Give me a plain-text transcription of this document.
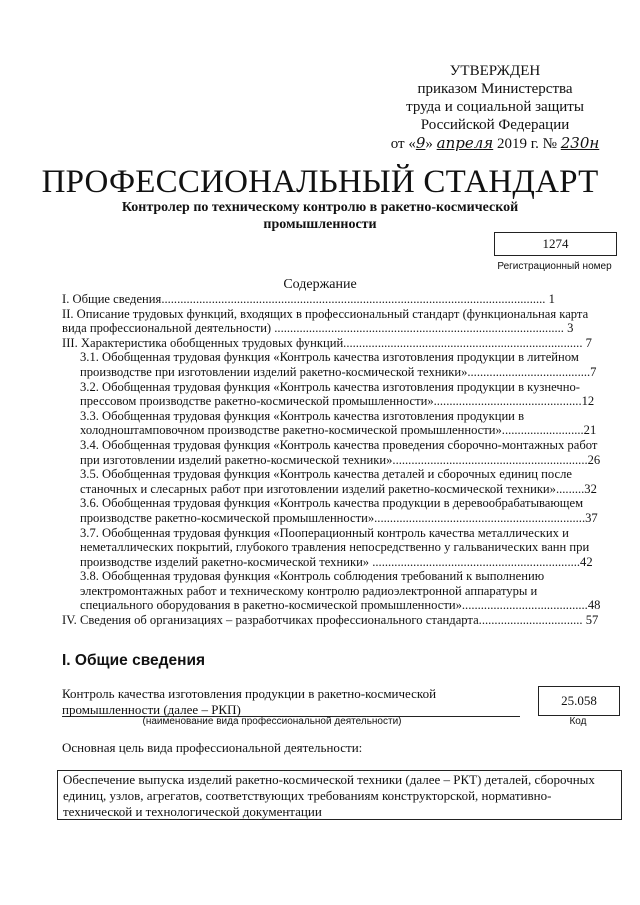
УТВЕРЖДЕН
приказом Министерства
труда и социальной защиты
Российской Федерации
от «9» апреля 2019 г. № 230н
ПРОФЕССИОНАЛЬНЫЙ СТАНДАРТ
Контролер по техническому контролю в ракетно-космической промышленности
1274
Регистрационный номер
Содержание

I. Общие сведения.......................................................................................................................... 1

II. Описание трудовых функций, входящих в профессиональный стандарт (функциональная карта вида профессиональной деятельности) ............................................................................................ 3

III. Характеристика обобщенных трудовых функций............................................................................ 7

3.1. Обобщенная трудовая функция «Контроль качества изготовления продукции в литейном производстве при изготовлении изделий ракетно-космической техники».......................................7

3.2. Обобщенная трудовая функция «Контроль качества изготовления продукции в кузнечно-прессовом производстве ракетно-космической промышленности»...............................................12

3.3. Обобщенная трудовая функция «Контроль качества изготовления продукции в холодноштамповочном производстве ракетно-космической промышленности»..........................21

3.4. Обобщенная трудовая функция «Контроль качества проведения сборочно-монтажных работ при изготовлении изделий ракетно-космической техники»..............................................................26

3.5. Обобщенная трудовая функция «Контроль качества деталей и сборочных единиц после станочных и слесарных работ при изготовлении изделий ракетно-космической техники».........32

3.6. Обобщенная трудовая функция «Контроль качества продукции в деревообрабатывающем производстве ракетно-космической промышленности»...................................................................37

3.7. Обобщенная трудовая функция «Пооперационный контроль качества металлических и неметаллических покрытий, глубокого травления непосредственно у гальванических ванн при производстве изделий ракетно-космической техники» ..................................................................42

3.8. Обобщенная трудовая функция «Контроль соблюдения требований к выполнению электромонтажных работ и техническому контролю радиоэлектронной аппаратуры и специального оборудования в ракетно-космической промышленности»........................................48

IV. Сведения об организациях – разработчиках профессионального стандарта................................. 57

I. Общие сведения
Контроль качества изготовления продукции в ракетно-космической промышленности (далее – РКП)
(наименование вида профессиональной деятельности)
25.058
Код
Основная цель вида профессиональной деятельности:
Обеспечение выпуска изделий ракетно-космической техники (далее – РКТ) деталей, сборочных единиц, узлов, агрегатов, соответствующих требованиям конструкторской, нормативно-технической и технологической документации
